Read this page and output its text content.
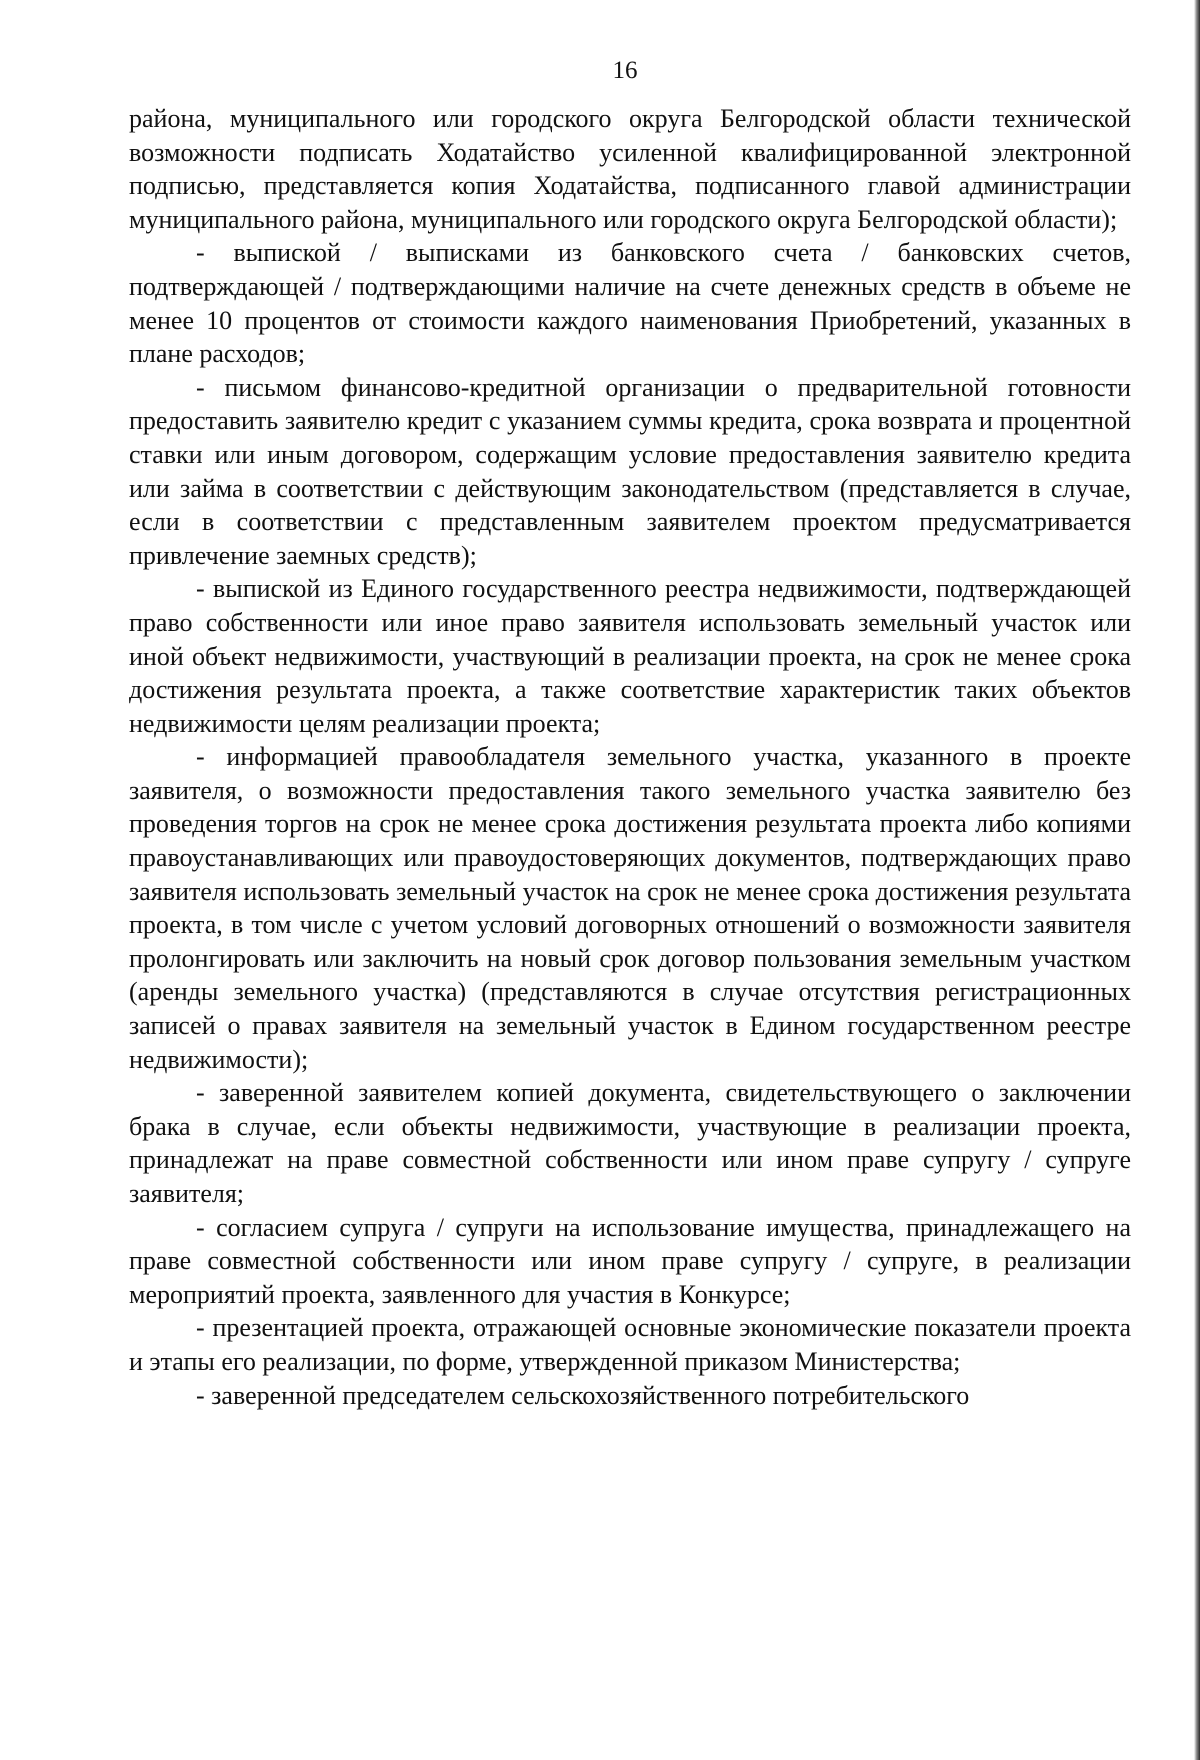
16

района, муниципального или городского округа Белгородской области технической возможности подписать Ходатайство усиленной квалифицированной электронной подписью, представляется копия Ходатайства, подписанного главой администрации муниципального района, муниципального или городского округа Белгородской области);

- выпиской / выписками из банковского счета / банковских счетов, подтверждающей / подтверждающими наличие на счете денежных средств в объеме не менее 10 процентов от стоимости каждого наименования Приобретений, указанных в плане расходов;

- письмом финансово-кредитной организации о предварительной готовности предоставить заявителю кредит с указанием суммы кредита, срока возврата и процентной ставки или иным договором, содержащим условие предоставления заявителю кредита или займа в соответствии с действующим законодательством (представляется в случае, если в соответствии с представленным заявителем проектом предусматривается привлечение заемных средств);

- выпиской из Единого государственного реестра недвижимости, подтверждающей право собственности или иное право заявителя использовать земельный участок или иной объект недвижимости, участвующий в реализации проекта, на срок не менее срока достижения результата проекта, а также соответствие характеристик таких объектов недвижимости целям реализации проекта;

- информацией правообладателя земельного участка, указанного в проекте заявителя, о возможности предоставления такого земельного участка заявителю без проведения торгов на срок не менее срока достижения результата проекта либо копиями правоустанавливающих или правоудостоверяющих документов, подтверждающих право заявителя использовать земельный участок на срок не менее срока достижения результата проекта, в том числе с учетом условий договорных отношений о возможности заявителя пролонгировать или заключить на новый срок договор пользования земельным участком (аренды земельного участка) (представляются в случае отсутствия регистрационных записей о правах заявителя на земельный участок в Едином государственном реестре недвижимости);

- заверенной заявителем копией документа, свидетельствующего о заключении брака в случае, если объекты недвижимости, участвующие в реализации проекта, принадлежат на праве совместной собственности или ином праве супругу / супруге заявителя;

- согласием супруга / супруги на использование имущества, принадлежащего на праве совместной собственности или ином праве супругу / супруге, в реализации мероприятий проекта, заявленного для участия в Конкурсе;

- презентацией проекта, отражающей основные экономические показатели проекта и этапы его реализации, по форме, утвержденной приказом Министерства;

- заверенной председателем сельскохозяйственного потребительского
